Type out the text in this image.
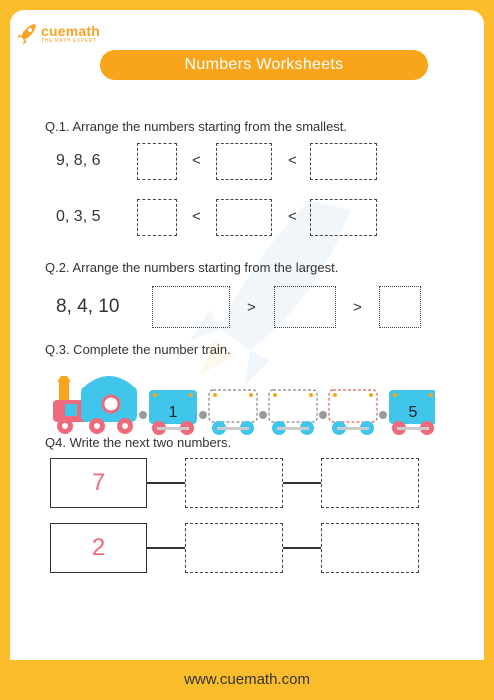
cuemath
THE MATH EXPERT
Numbers Worksheets
Q.1. Arrange the numbers starting from the smallest.
9, 8, 6	<	<
0, 3, 5	<	<
Q.2. Arrange the numbers starting from the largest.
8, 4, 10	>	>
Q.3. Complete the number train.
1	5
Q4. Write the next two numbers.
7
2
www.cuemath.com
